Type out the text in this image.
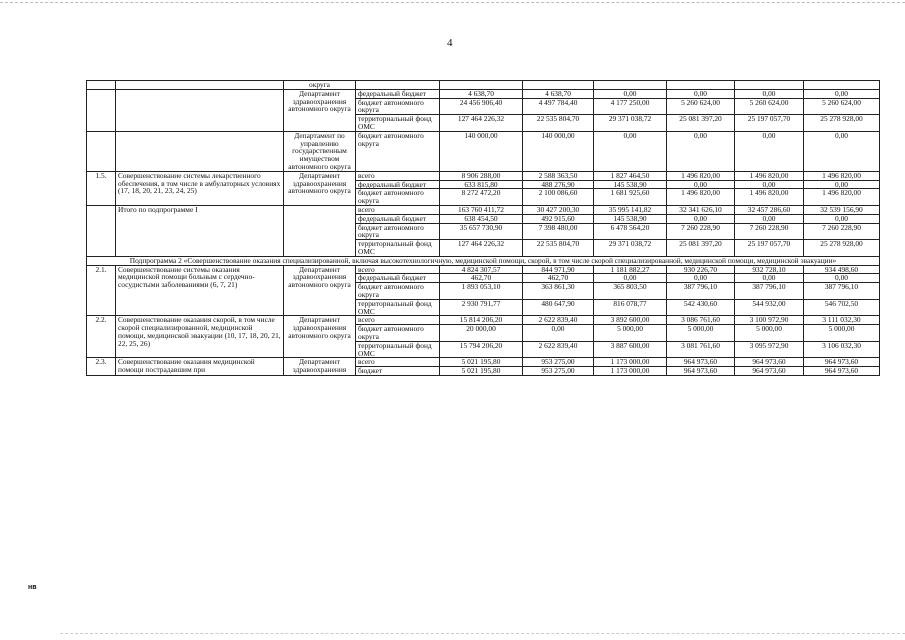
4
		округа							
		Департамент здравоохранения автономного округа	федеральный бюджет	4 638,70	4 638,70	0,00	0,00	0,00	0,00
			бюджет автономного округа	24 456 906,40	4 497 784,40	4 177 250,00	5 260 624,00	5 260 624,00	5 260 624,00
			территориальный фонд ОМС	127 464 226,32	22 535 804,70	29 371 038,72	25 081 397,20	25 197 057,70	25 278 928,00
		Департамент по управлению государственным имуществом автономного округа	бюджет автономного округа	140 000,00	140 000,00	0,00	0,00	0,00	0,00
1.5.	Совершенствование системы лекарственного обеспечения, в том числе в амбулаторных условиях (17, 18, 20, 21, 23, 24, 25)	Департамент здравоохранения автономного округа	всего	8 906 288,00	2 588 363,50	1 827 464,50	1 496 820,00	1 496 820,00	1 496 820,00
			федеральный бюджет	633 815,80	488 276,90	145 538,90	0,00	0,00	0,00
			бюджет автономного округа	8 272 472,20	2 100 086,60	1 681 925,60	1 496 820,00	1 496 820,00	1 496 820,00
	Итого по подпрограмме I		всего	163 760 411,72	30 427 200,30	35 995 141,82	32 341 626,10	32 457 286,60	32 539 156,90
			федеральный бюджет	638 454,50	492 915,60	145 538,90	0,00	0,00	0,00
			бюджет автономного округа	35 657 730,90	7 398 480,00	6 478 564,20	7 260 228,90	7 260 228,90	7 260 228,90
			территориальный фонд ОМС	127 464 226,32	22 535 804,70	29 371 038,72	25 081 397,20	25 197 057,70	25 278 928,00
Подпрограмма 2 «Совершенствование оказания специализированной, включая высокотехнологичную, медицинской помощи, скорой, в том числе скорой специализированной, медицинской помощи, медицинской эвакуации»									
2.1.	Совершенствование системы оказания медицинской помощи больным с сердечно-сосудистыми заболеваниями (6, 7, 21)	Департамент здравоохранения автономного округа	всего	4 824 307,57	844 971,90	1 181 882,27	930 226,70	932 728,10	934 498,60
			федеральный бюджет	462,70	462,70	0,00	0,00	0,00	0,00
			бюджет автономного округа	1 893 053,10	363 861,30	365 803,50	387 796,10	387 796,10	387 796,10
			территориальный фонд ОМС	2 930 791,77	480 647,90	816 078,77	542 430,60	544 932,00	546 702,50
2.2.	Совершенствование оказания скорой, в том числе скорой специализированной, медицинской помощи, медицинской эвакуации (10, 17, 18, 20, 21, 22, 25, 26)	Департамент здравоохранения автономного округа	всего	15 814 206,20	2 622 839,40	3 892 600,00	3 086 761,60	3 100 972,90	3 111 032,30
			бюджет автономного округа	20 000,00	0,00	5 000,00	5 000,00	5 000,00	5 000,00
			территориальный фонд ОМС	15 794 206,20	2 622 839,40	3 887 600,00	3 081 761,60	3 095 972,90	3 106 032,30
2.3.	Совершенствование оказания медицинской помощи пострадавшим при	Департамент здравоохранения	всего	5 021 195,80	953 275,00	1 173 000,00	964 973,60	964 973,60	964 973,60
			бюджет	5 021 195,80	953 275,00	1 173 000,00	964 973,60	964 973,60	964 973,60
нв
